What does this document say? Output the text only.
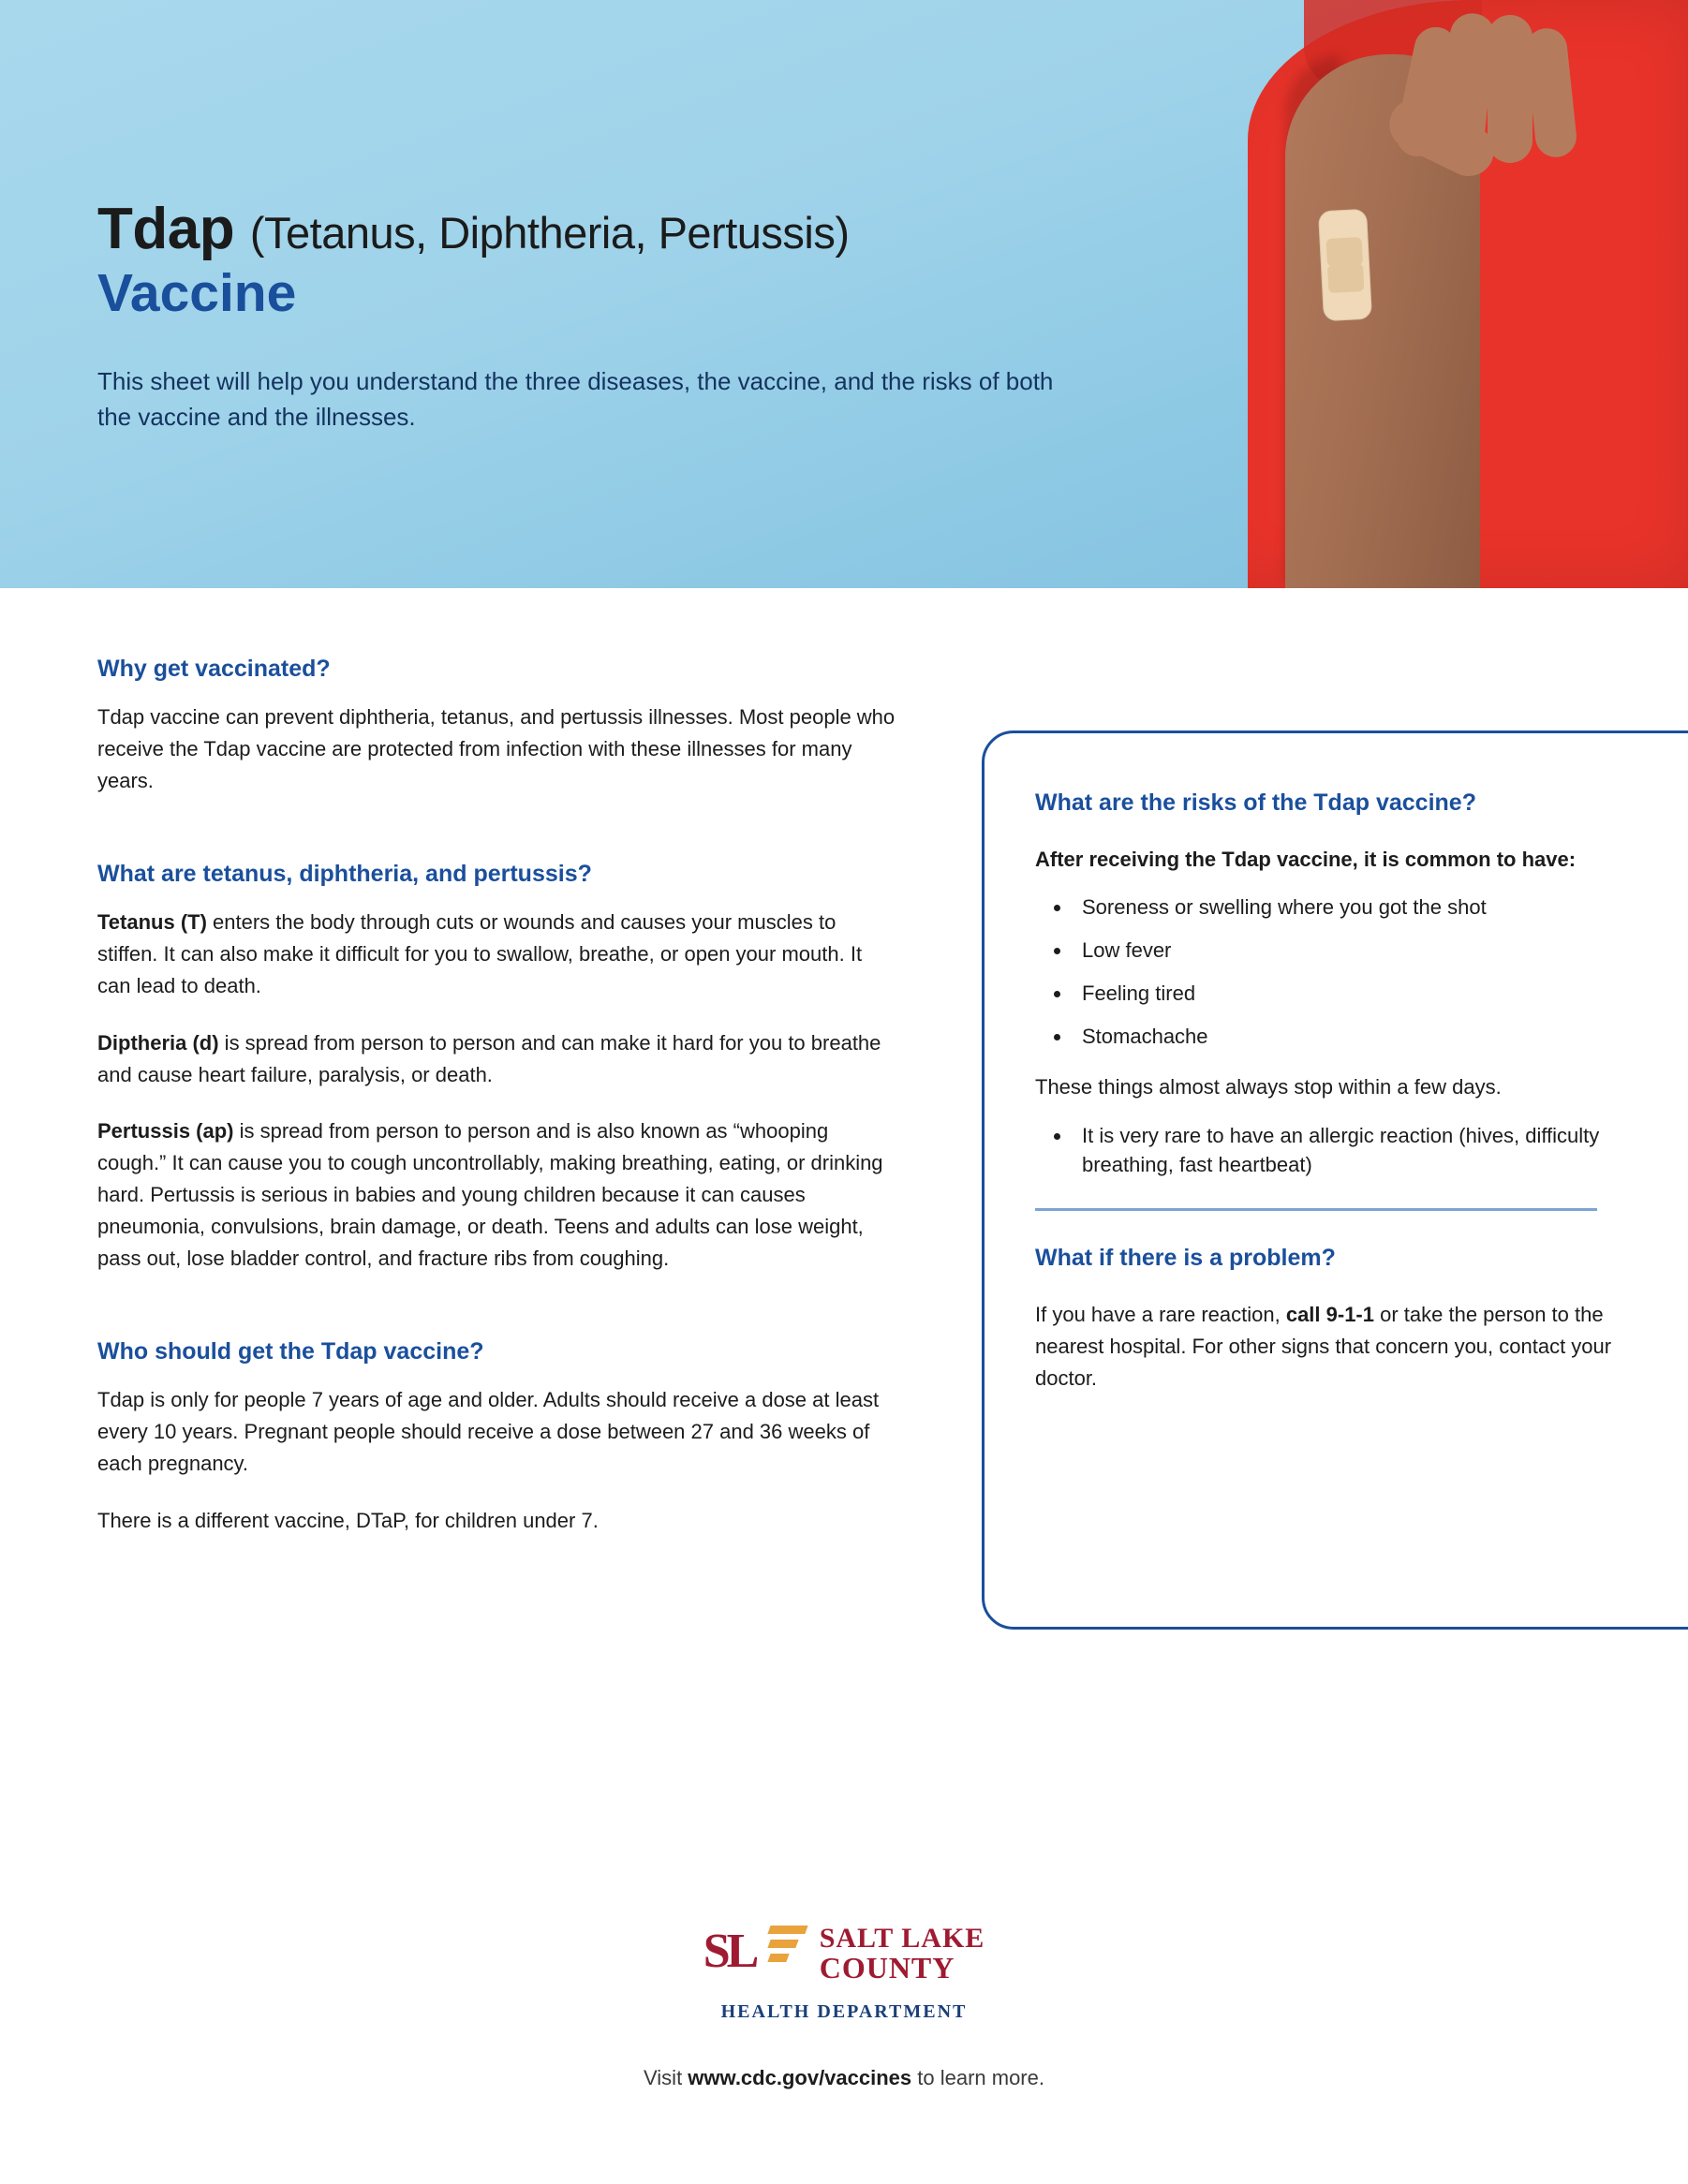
Tdap (Tetanus, Diphtheria, Pertussis)
Vaccine
This sheet will help you understand the three diseases, the vaccine, and the risks of both the vaccine and the illnesses.
Why get vaccinated?
Tdap vaccine can prevent diphtheria, tetanus, and pertussis illnesses. Most people who receive the Tdap vaccine are protected from infection with these illnesses for many years.
What are tetanus, diphtheria, and pertussis?
Tetanus (T) enters the body through cuts or wounds and causes your muscles to stiffen. It can also make it difficult for you to swallow, breathe, or open your mouth. It can lead to death.
Diptheria (d) is spread from person to person and can make it hard for you to breathe and cause heart failure, paralysis, or death.
Pertussis (ap) is spread from person to person and is also known as “whooping cough.” It can cause you to cough uncontrollably, making breathing, eating, or drinking hard. Pertussis is serious in babies and young children because it can causes pneumonia, convulsions, brain damage, or death. Teens and adults can lose weight, pass out, lose bladder control, and fracture ribs from coughing.
Who should get the Tdap vaccine?
Tdap is only for people 7 years of age and older. Adults should receive a dose at least every 10 years. Pregnant people should receive a dose between 27 and 36 weeks of each pregnancy.
There is a different vaccine, DTaP, for children under 7.
What are the risks of the Tdap vaccine?
After receiving the Tdap vaccine, it is common to have:
• Soreness or swelling where you got the shot
• Low fever
• Feeling tired
• Stomachache
These things almost always stop within a few days.
• It is very rare to have an allergic reaction (hives, difficulty breathing, fast heartbeat)
What if there is a problem?
If you have a rare reaction, call 9-1-1 or take the person to the nearest hospital. For other signs that concern you, contact your doctor.
SL SALT LAKE
COUNTY
HEALTH DEPARTMENT
Visit www.cdc.gov/vaccines to learn more.
